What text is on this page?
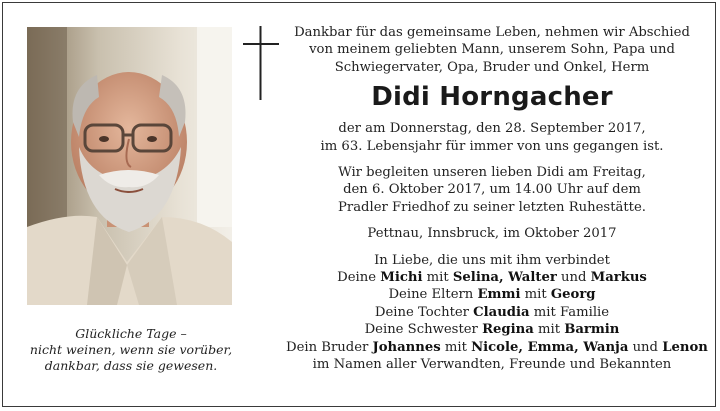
Glückliche Tage –
nicht weinen, wenn sie vorüber,
dankbar, dass sie gewesen.
Dankbar für das gemeinsame Leben, nehmen wir Abschied
von meinem geliebten Mann, unserem Sohn, Papa und
Schwiegervater, Opa, Bruder und Onkel, Herm
Didi Horngacher
der am Donnerstag, den 28. September 2017,
im 63. Lebensjahr für immer von uns gegangen ist.
Wir begleiten unseren lieben Didi am Freitag,
den 6. Oktober 2017, um 14.00 Uhr auf dem
Pradler Friedhof zu seiner letzten Ruhestätte.
Pettnau, Innsbruck, im Oktober 2017
In Liebe, die uns mit ihm verbindet
Deine Michi mit Selina, Walter und Markus
Deine Eltern Emmi mit Georg
Deine Tochter Claudia mit Familie
Deine Schwester Regina mit Barmin
Dein Bruder Johannes mit Nicole, Emma, Wanja und Lenon
im Namen aller Verwandten, Freunde und Bekannten
